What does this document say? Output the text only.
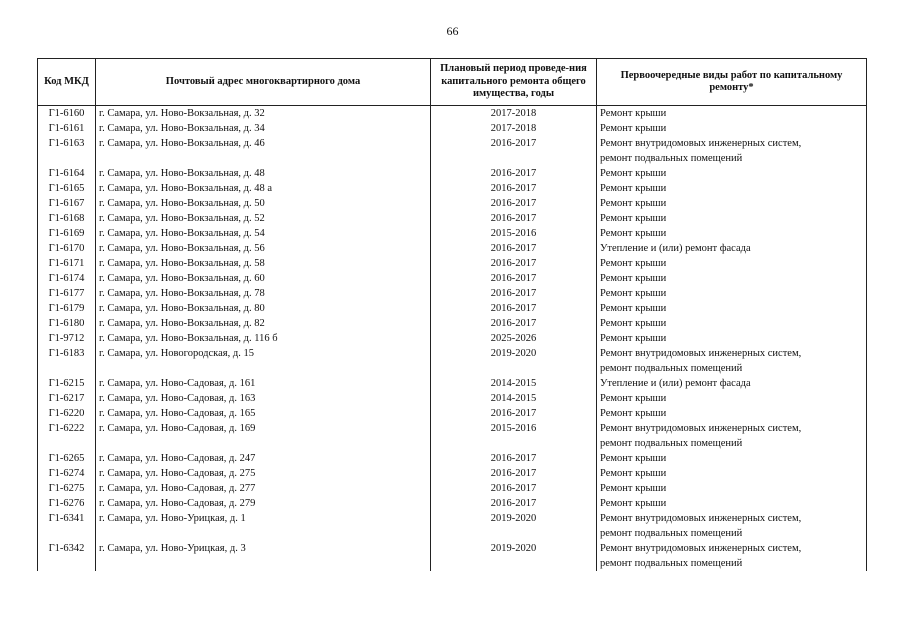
66
Код МКД	Почтовый адрес многоквартирного дома	Плановый период проведе-ния капитального ремонта общего имущества, годы	Первоочередные виды работ по капитальному ремонту*
Г1-6160	г. Самара, ул. Ново-Вокзальная, д. 32	2017-2018	Ремонт крыши

Г1-6161	г. Самара, ул. Ново-Вокзальная, д. 34	2017-2018	Ремонт крыши

Г1-6163	г. Самара, ул. Ново-Вокзальная, д. 46	2016-2017	Ремонт внутридомовых инженерных систем,
ремонт подвальных помещений

Г1-6164	г. Самара, ул. Ново-Вокзальная, д. 48	2016-2017	Ремонт крыши

Г1-6165	г. Самара, ул. Ново-Вокзальная, д. 48 а	2016-2017	Ремонт крыши

Г1-6167	г. Самара, ул. Ново-Вокзальная, д. 50	2016-2017	Ремонт крыши

Г1-6168	г. Самара, ул. Ново-Вокзальная, д. 52	2016-2017	Ремонт крыши

Г1-6169	г. Самара, ул. Ново-Вокзальная, д. 54	2015-2016	Ремонт крыши

Г1-6170	г. Самара, ул. Ново-Вокзальная, д. 56	2016-2017	Утепление и (или) ремонт фасада

Г1-6171	г. Самара, ул. Ново-Вокзальная, д. 58	2016-2017	Ремонт крыши

Г1-6174	г. Самара, ул. Ново-Вокзальная, д. 60	2016-2017	Ремонт крыши

Г1-6177	г. Самара, ул. Ново-Вокзальная, д. 78	2016-2017	Ремонт крыши

Г1-6179	г. Самара, ул. Ново-Вокзальная, д. 80	2016-2017	Ремонт крыши

Г1-6180	г. Самара, ул. Ново-Вокзальная, д. 82	2016-2017	Ремонт крыши

Г1-9712	г. Самара, ул. Ново-Вокзальная, д. 116 б	2025-2026	Ремонт крыши

Г1-6183	г. Самара, ул. Новогородская, д. 15	2019-2020	Ремонт внутридомовых инженерных систем,
ремонт подвальных помещений

Г1-6215	г. Самара, ул. Ново-Садовая, д. 161	2014-2015	Утепление и (или) ремонт фасада

Г1-6217	г. Самара, ул. Ново-Садовая, д. 163	2014-2015	Ремонт крыши

Г1-6220	г. Самара, ул. Ново-Садовая, д. 165	2016-2017	Ремонт крыши

Г1-6222	г. Самара, ул. Ново-Садовая, д. 169	2015-2016	Ремонт внутридомовых инженерных систем,
ремонт подвальных помещений

Г1-6265	г. Самара, ул. Ново-Садовая, д. 247	2016-2017	Ремонт крыши

Г1-6274	г. Самара, ул. Ново-Садовая, д. 275	2016-2017	Ремонт крыши

Г1-6275	г. Самара, ул. Ново-Садовая, д. 277	2016-2017	Ремонт крыши

Г1-6276	г. Самара, ул. Ново-Садовая, д. 279	2016-2017	Ремонт крыши

Г1-6341	г. Самара, ул. Ново-Урицкая, д. 1	2019-2020	Ремонт внутридомовых инженерных систем,
ремонт подвальных помещений

Г1-6342	г. Самара, ул. Ново-Урицкая, д. 3	2019-2020	Ремонт внутридомовых инженерных систем,
ремонт подвальных помещений
